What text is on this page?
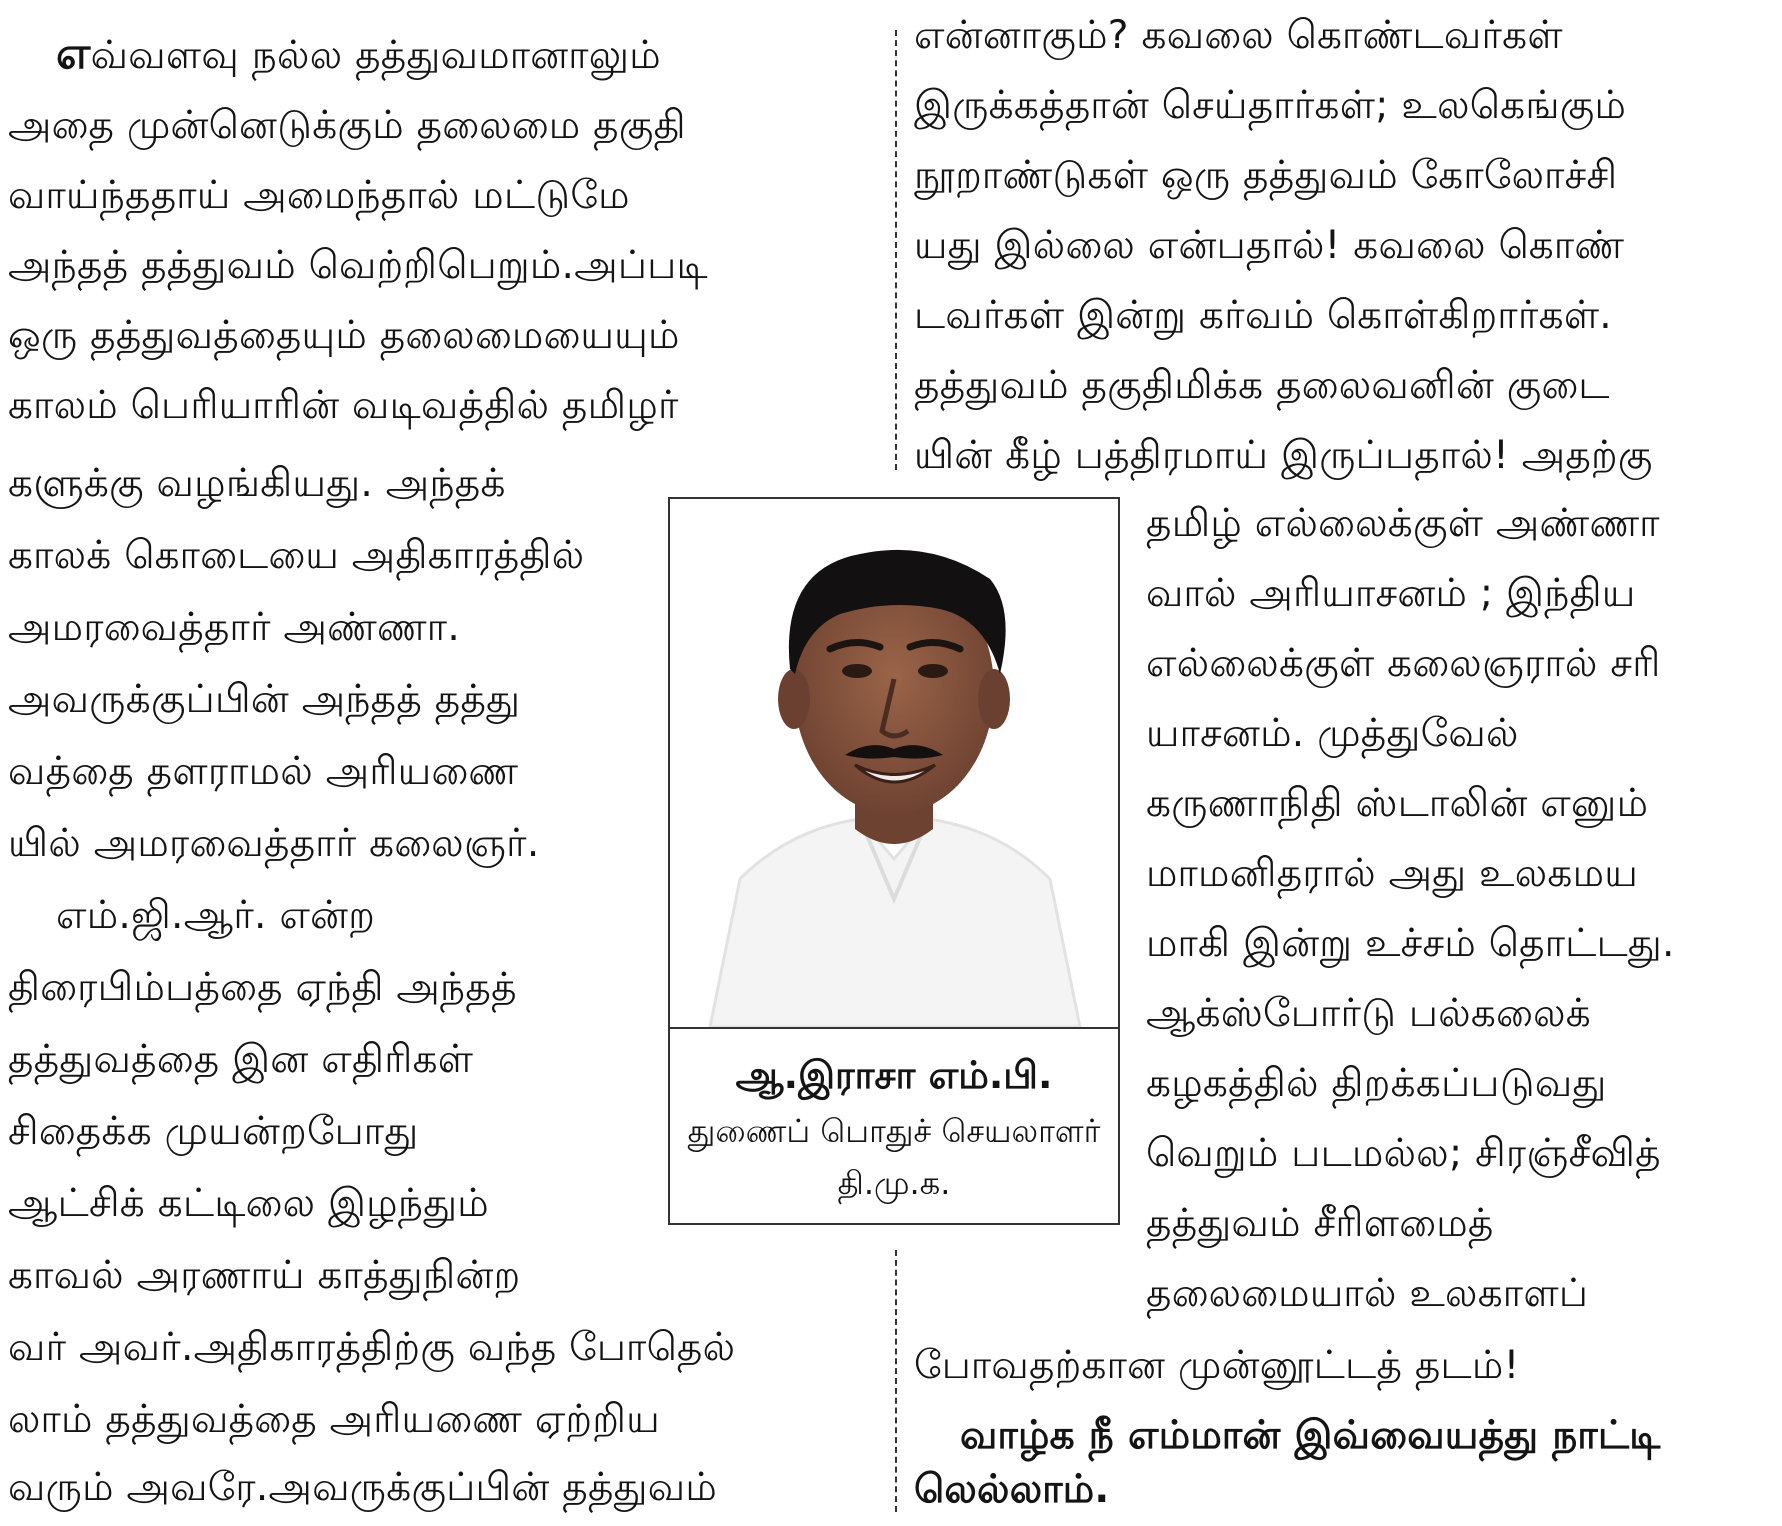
எவ்வளவு நல்ல தத்துவமானாலும்
அதை முன்னெடுக்கும் தலைமை தகுதி
வாய்ந்ததாய் அமைந்தால் மட்டுமே
அந்தத் தத்துவம் வெற்றிபெறும்.அப்படி
ஒரு தத்துவத்தையும் தலைமையையும்
காலம் பெரியாரின் வடிவத்தில் தமிழர்
களுக்கு வழங்கியது. அந்தக்
காலக் கொடையை அதிகாரத்தில்
அமரவைத்தார் அண்ணா.
அவருக்குப்பின் அந்தத் தத்து
வத்தை தளராமல் அரியணை
யில் அமரவைத்தார் கலைஞர்.
எம்.ஜி.ஆர். என்ற
திரைபிம்பத்தை ஏந்தி அந்தத்
தத்துவத்தை இன எதிரிகள்
சிதைக்க முயன்றபோது
ஆட்சிக் கட்டிலை இழந்தும்
காவல் அரணாய் காத்துநின்ற
வர் அவர்.அதிகாரத்திற்கு வந்த போதெல்
லாம் தத்துவத்தை அரியணை ஏற்றிய
வரும் அவரே.அவருக்குப்பின் தத்துவம்
என்னாகும்? கவலை கொண்டவர்கள்
இருக்கத்தான் செய்தார்கள்; உலகெங்கும்
நூறாண்டுகள் ஒரு தத்துவம் கோலோச்சி
யது இல்லை என்பதால்! கவலை கொண்
டவர்கள் இன்று கர்வம் கொள்கிறார்கள்.
தத்துவம் தகுதிமிக்க தலைவனின் குடை
யின் கீழ் பத்திரமாய் இருப்பதால்! அதற்கு
தமிழ் எல்லைக்குள் அண்ணா
வால் அரியாசனம் ; இந்திய
எல்லைக்குள் கலைஞரால் சரி
யாசனம். முத்துவேல்
கருணாநிதி ஸ்டாலின் எனும்
மாமனிதரால் அது உலகமய
மாகி இன்று உச்சம் தொட்டது.
ஆக்ஸ்போர்டு பல்கலைக்
கழகத்தில் திறக்கப்படுவது
வெறும் படமல்ல; சிரஞ்சீவித்
தத்துவம் சீரிளமைத்
தலைமையால் உலகாளப்
போவதற்கான முன்னூட்டத் தடம்!
வாழ்க நீ எம்மான் இவ்வையத்து நாட்டி
லெல்லாம்.
ஆ.இராசா எம்.பி.
துணைப் பொதுச் செயலாளர்
தி.மு.க.
